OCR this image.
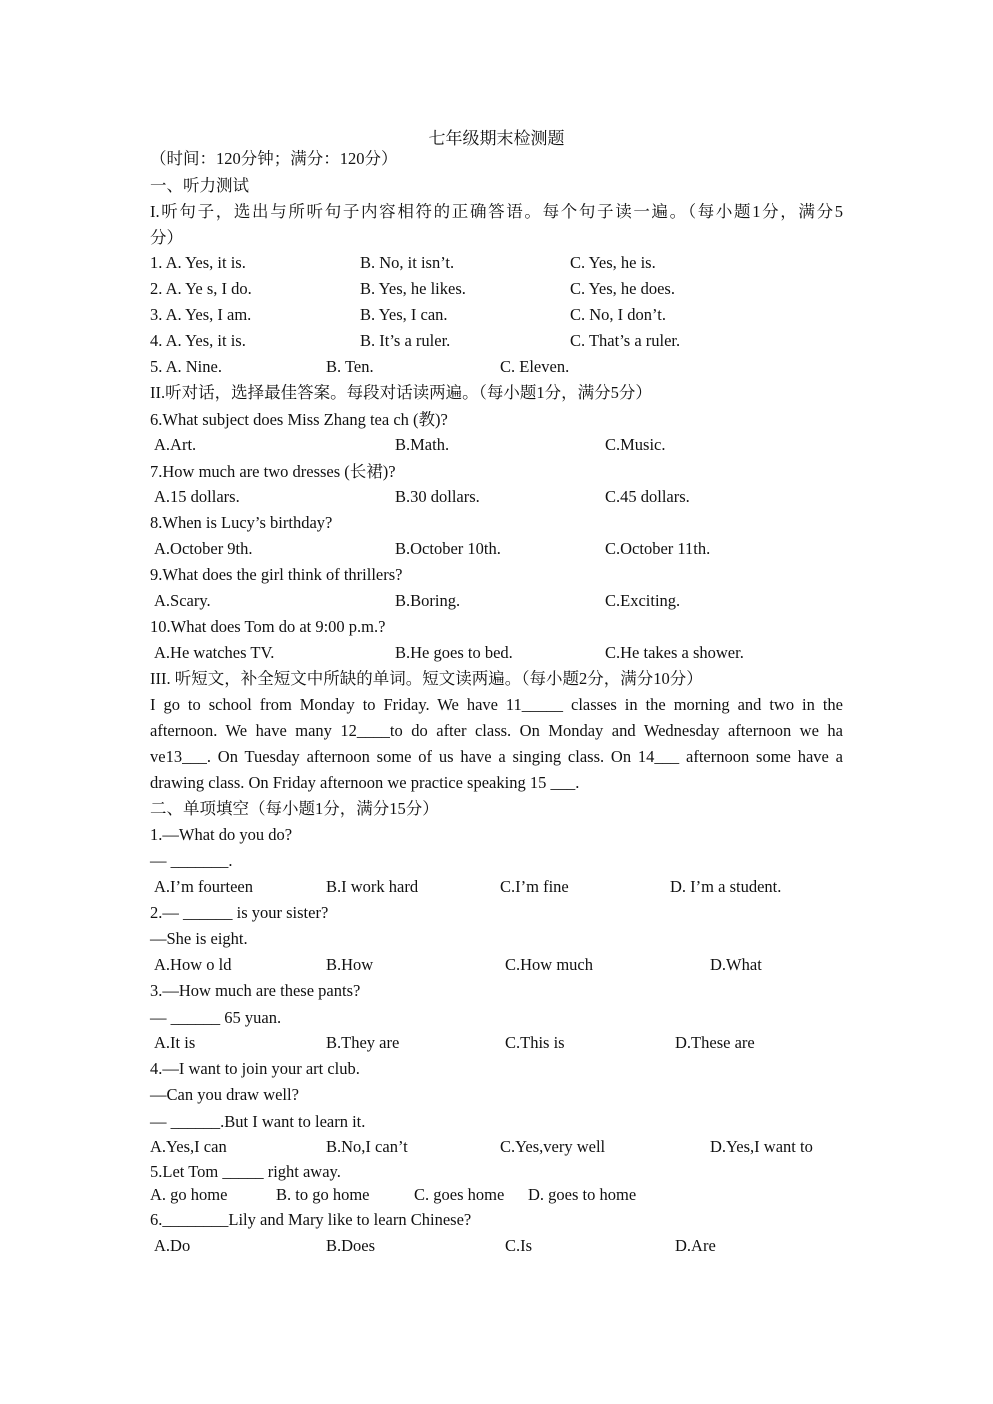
七年级期末检测题
（时间：120分钟；满分：120分）
一、听力测试
I.听句子，选出与所听句子内容相符的正确答语。每个句子读一遍。（每小题1分，满分5
分）
1. A. Yes, it is.	B. No, it isn’t.	C. Yes, he is.
2. A. Ye s, I do.	B. Yes, he likes.	C. Yes, he does.
3. A. Yes, I am.	B. Yes, I can.	C. No, I don’t.
4. A. Yes, it is.	B. It’s a ruler.	C. That’s a ruler.
5. A. Nine.	B. Ten.	C. Eleven.
II.听对话，选择最佳答案。每段对话读两遍。（每小题1分，满分5分）
6.What subject does Miss Zhang tea ch (教)?
A.Art.	B.Math.	C.Music.
7.How much are two dresses (长裙)?
A.15 dollars.	B.30 dollars.	C.45 dollars.
8.When is Lucy’s birthday?
A.October 9th.	B.October 10th.	C.October 11th.
9.What does the girl think of thrillers?
A.Scary.	B.Boring.	C.Exciting.
10.What does Tom do at 9:00 p.m.?
A.He watches TV.	B.He goes to bed.	C.He takes a shower.
III. 听短文，补全短文中所缺的单词。短文读两遍。（每小题2分，满分10分）
I go to school from Monday to Friday. We have 11_____ classes in the morning and two in the
afternoon. We have many 12____to do after class. On Monday and Wednesday afternoon we ha
ve13___. On Tuesday afternoon some of us have a singing class. On 14___ afternoon some have a
drawing class. On Friday afternoon we practice speaking 15 ___.
二、单项填空（每小题1分，满分15分）
1.—What do you do?
— _______.
A.I’m fourteen	B.I work hard	C.I’m fine	D. I’m a student.
2.— ______ is your sister?
—She is eight.
A.How o ld	B.How	C.How much	D.What
3.—How much are these pants?
— ______ 65 yuan.
A.It is	B.They are	C.This is	D.These are
4.—I want to join your art club.
—Can you draw well?
— ______.But I want to learn it.
A.Yes,I can	B.No,I can’t	C.Yes,very well	D.Yes,I want to
5.Let Tom _____ right away.
A. go home	B. to go home	C. goes home D. goes to home
6.________Lily and Mary like to learn Chinese?
A.Do	B.Does	C.Is	D.Are
